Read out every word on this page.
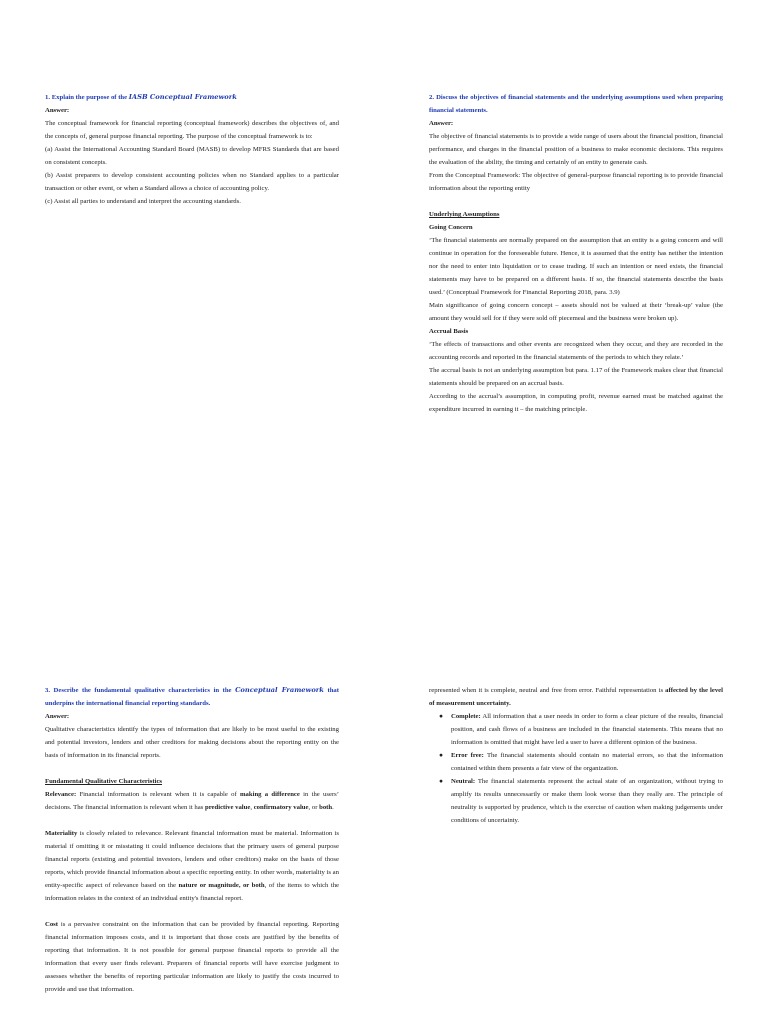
1. Explain the purpose of the IASB Conceptual Framework

Answer:

The conceptual framework for financial reporting (conceptual framework) describes the objectives of, and the concepts of, general purpose financial reporting. The purpose of the conceptual framework is to:

(a) Assist the International Accounting Standard Board (MASB) to develop MFRS Standards that are based on consistent concepts.

(b) Assist preparers to develop consistent accounting policies when no Standard applies to a particular transaction or other event, or when a Standard allows a choice of accounting policy.

(c) Assist all parties to understand and interpret the accounting standards.

2. Discuss the objectives of financial statements and the underlying assumptions used when preparing financial statements.

Answer:

The objective of financial statements is to provide a wide range of users about the financial position, financial performance, and charges in the financial position of a business to make economic decisions. This requires the evaluation of the ability, the timing and certainly of an entity to generate cash.

From the Conceptual Framework: The objective of general-purpose financial reporting is to provide financial information about the reporting entity

Underlying Assumptions

Going Concern

‘The financial statements are normally prepared on the assumption that an entity is a going concern and will continue in operation for the foreseeable future. Hence, it is assumed that the entity has neither the intention nor the need to enter into liquidation or to cease trading. If such an intention or need exists, the financial statements may have to be prepared on a different basis. If so, the financial statements describe the basis used.’ (Conceptual Framework for Financial Reporting 2018, para. 3.9)

Main significance of going concern concept – assets should not be valued at their ‘break-up’ value (the amount they would sell for if they were sold off piecemeal and the business were broken up).

Accrual Basis

‘The effects of transactions and other events are recognized when they occur, and they are recorded in the accounting records and reported in the financial statements of the periods to which they relate.’

The accrual basis is not an underlying assumption but para. 1.17 of the Framework makes clear that financial statements should be prepared on an accrual basis.

According to the accrual’s assumption, in computing profit, revenue earned must be matched against the expenditure incurred in earning it – the matching principle.

3. Describe the fundamental qualitative characteristics in the Conceptual Framework that underpins the international financial reporting standards.

Answer:

Qualitative characteristics identify the types of information that are likely to be most useful to the existing and potential investors, lenders and other creditors for making decisions about the reporting entity on the basis of information in its financial reports.

Fundamental Qualitative Characteristics

Relevance: Financial information is relevant when it is capable of making a difference in the users’ decisions. The financial information is relevant when it has predictive value, confirmatory value, or both.

Materiality is closely related to relevance. Relevant financial information must be material. Information is material if omitting it or misstating it could influence decisions that the primary users of general purpose financial reports (existing and potential investors, lenders and other creditors) make on the basis of those reports, which provide financial information about a specific reporting entity. In other words, materiality is an entity-specific aspect of relevance based on the nature or magnitude, or both, of the items to which the information relates in the context of an individual entity's financial report.

Cost is a pervasive constraint on the information that can be provided by financial reporting. Reporting financial information imposes costs, and it is important that those costs are justified by the benefits of reporting that information. It is not possible for general purpose financial reports to provide all the information that every user finds relevant. Preparers of financial reports will have exercise judgment to assesses whether the benefits of reporting particular information are likely to justify the costs incurred to provide and use that information.

represented when it is complete, neutral and free from error. Faithful representation is affected by the level of measurement uncertainty.

● Complete: All information that a user needs in order to form a clear picture of the results, financial position, and cash flows of a business are included in the financial statements. This means that no information is omitted that might have led a user to have a different opinion of the business.
● Error free: The financial statements should contain no material errors, so that the information contained within them presents a fair view of the organization.
● Neutral: The financial statements represent the actual state of an organization, without trying to amplify its results unnecessarily or make them look worse than they really are. The principle of neutrality is supported by prudence, which is the exercise of caution when making judgements under conditions of uncertainty.
